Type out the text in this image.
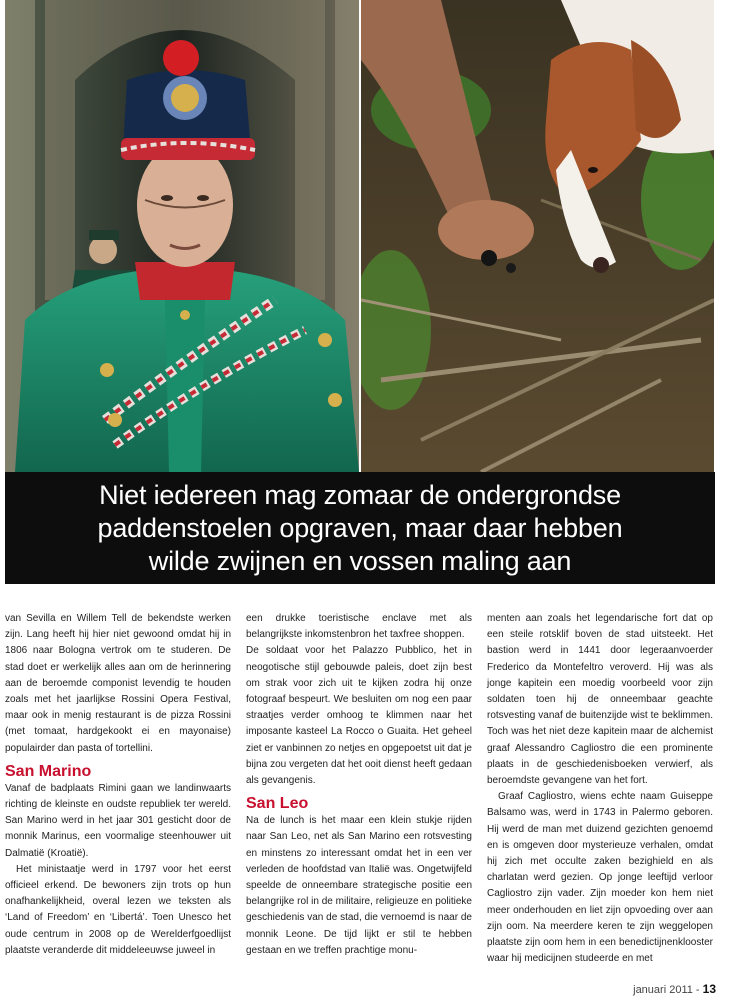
Niet iedereen mag zomaar de ondergrondse
paddenstoelen opgraven, maar daar hebben
wilde zwijnen en vossen maling aan

van Sevilla en Willem Tell de bekendste werken zijn. Lang heeft hij hier niet gewoond omdat hij in 1806 naar Bologna vertrok om te studeren. De stad doet er werkelijk alles aan om de herinnering aan de beroemde componist levendig te houden zoals met het jaarlijkse Rossini Opera Festival, maar ook in menig restaurant is de pizza Rossini (met tomaat, hardgekookt ei en mayonaise) populairder dan pasta of tortellini.

San Marino

Vanaf de badplaats Rimini gaan we landinwaarts richting de kleinste en oudste republiek ter wereld. San Marino werd in het jaar 301 gesticht door de monnik Marinus, een voormalige steenhouwer uit Dalmatië (Kroatië).

Het ministaatje werd in 1797 voor het eerst officieel erkend. De bewoners zijn trots op hun onafhankelijkheid, overal lezen we teksten als ‘Land of Freedom’ en ‘Libertá’. Toen Unesco het oude centrum in 2008 op de Werelderfgoedlijst plaatste veranderde dit middeleeuwse juweel in

een drukke toeristische enclave met als belangrijkste inkomstenbron het taxfree shoppen.

De soldaat voor het Palazzo Pubblico, het in neogotische stijl gebouwde paleis, doet zijn best om strak voor zich uit te kijken zodra hij onze fotograaf bespeurt. We besluiten om nog een paar straatjes verder omhoog te klimmen naar het imposante kasteel La Rocco o Guaita. Het geheel ziet er vanbinnen zo netjes en opgepoetst uit dat je bijna zou vergeten dat het ooit dienst heeft gedaan als gevangenis.

San Leo

Na de lunch is het maar een klein stukje rijden naar San Leo, net als San Marino een rotsvesting en minstens zo interessant omdat het in een ver verleden de hoofdstad van Italië was. Ongetwijfeld speelde de onneembare strategische positie een belangrijke rol in de militaire, religieuze en politieke geschiedenis van de stad, die vernoemd is naar de monnik Leone. De tijd lijkt er stil te hebben gestaan en we treffen prachtige monu-

menten aan zoals het legendarische fort dat op een steile rotsklif boven de stad uitsteekt. Het bastion werd in 1441 door legeraanvoerder Frederico da Montefeltro veroverd. Hij was als jonge kapitein een moedig voorbeeld voor zijn soldaten toen hij de onneembaar geachte rotsvesting vanaf de buitenzijde wist te beklimmen. Toch was het niet deze kapitein maar de alchemist graaf Alessandro Cagliostro die een prominente plaats in de geschiedenisboeken verwierf, als beroemdste gevangene van het fort.

Graaf Cagliostro, wiens echte naam Guiseppe Balsamo was, werd in 1743 in Palermo geboren. Hij werd de man met duizend gezichten genoemd en is omgeven door mysterieuze verhalen, omdat hij zich met occulte zaken bezighield en als charlatan werd gezien. Op jonge leeftijd verloor Cagliostro zijn vader. Zijn moeder kon hem niet meer onderhouden en liet zijn opvoeding over aan zijn oom. Na meerdere keren te zijn weggelopen plaatste zijn oom hem in een benedictijnenklooster waar hij medicijnen studeerde en met

januari 2011 - 13
